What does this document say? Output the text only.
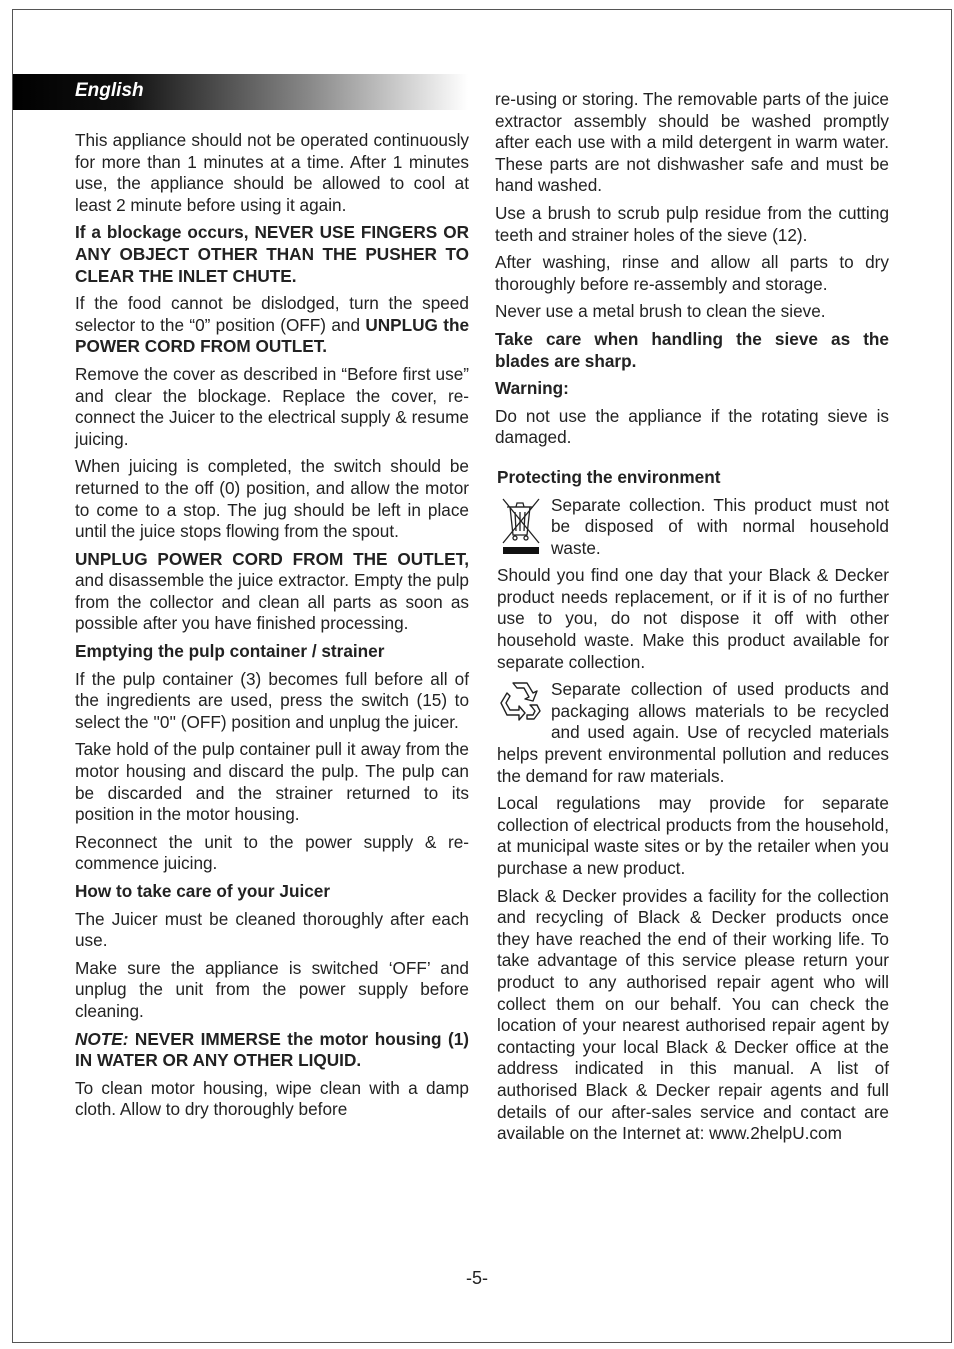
English

This appliance should not be operated continuously for more than 1 minutes at a time. After 1 minutes use, the appliance should be allowed to cool at least 2 minute before using it again.

If a blockage occurs, NEVER USE FINGERS OR ANY OBJECT OTHER THAN THE PUSHER TO CLEAR THE INLET CHUTE.

If the food cannot be dislodged, turn the speed selector to the “0” position (OFF) and UNPLUG the POWER CORD FROM OUTLET.

Remove the cover as described in “Before first use” and clear the blockage. Replace the cover, re-connect the Juicer to the electrical supply & resume juicing.

When juicing is completed, the switch should be returned to the off (0) position, and allow the motor to come to a stop. The jug should be left in place until the juice stops flowing from the spout.

UNPLUG POWER CORD FROM THE OUTLET, and disassemble the juice extractor. Empty the pulp from the collector and clean all parts as soon as possible after you have finished processing.

Emptying the pulp container / strainer

If the pulp container (3) becomes full before all of the ingredients are used, press the switch (15) to select the ''0'' (OFF) position and unplug the juicer.

Take hold of the pulp container pull it away from the motor housing and discard the pulp. The pulp can be discarded and the strainer returned to its position in the motor housing.

Reconnect the unit to the power supply & re-commence juicing.

How to take care of your Juicer

The Juicer must be cleaned thoroughly after each use.

Make sure the appliance is switched ‘OFF’ and unplug the unit from the power supply before cleaning.

NOTE: NEVER IMMERSE the motor housing (1) IN WATER OR ANY OTHER LIQUID.

To clean motor housing, wipe clean with a damp cloth. Allow to dry thoroughly before

re-using or storing. The removable parts of the juice extractor assembly should be washed promptly after each use with a mild detergent in warm water. These parts are not dishwasher safe and must be hand washed.

Use a brush to scrub pulp residue from the cutting teeth and strainer holes of the sieve (12).

After washing, rinse and allow all parts to dry thoroughly before re-assembly and storage.

Never use a metal brush to clean the sieve.

Take care when handling the sieve as the blades are sharp.

Warning:

Do not use the appliance if the rotating sieve is damaged.

Protecting the environment

Separate collection. This product must not be disposed of with normal household waste.

Should you find one day that your Black & Decker product needs replacement, or if it is of no further use to you, do not dispose it off with other household waste. Make this product available for separate collection.

Separate collection of used products and packaging allows materials to be recycled and used again. Use of recycled materials helps prevent environmental pollution and reduces the demand for raw materials.

Local regulations may provide for separate collection of electrical products from the household, at municipal waste sites or by the retailer when you purchase a new product.

Black & Decker provides a facility for the collection and recycling of Black & Decker products once they have reached the end of their working life. To take advantage of this service please return your product to any authorised repair agent who will collect them on our behalf. You can check the location of your nearest authorised repair agent by contacting your local Black & Decker office at the address indicated in this manual. A list of authorised Black & Decker repair agents and full details of our after-sales service and contact are available on the Internet at: www.2helpU.com

-5-
